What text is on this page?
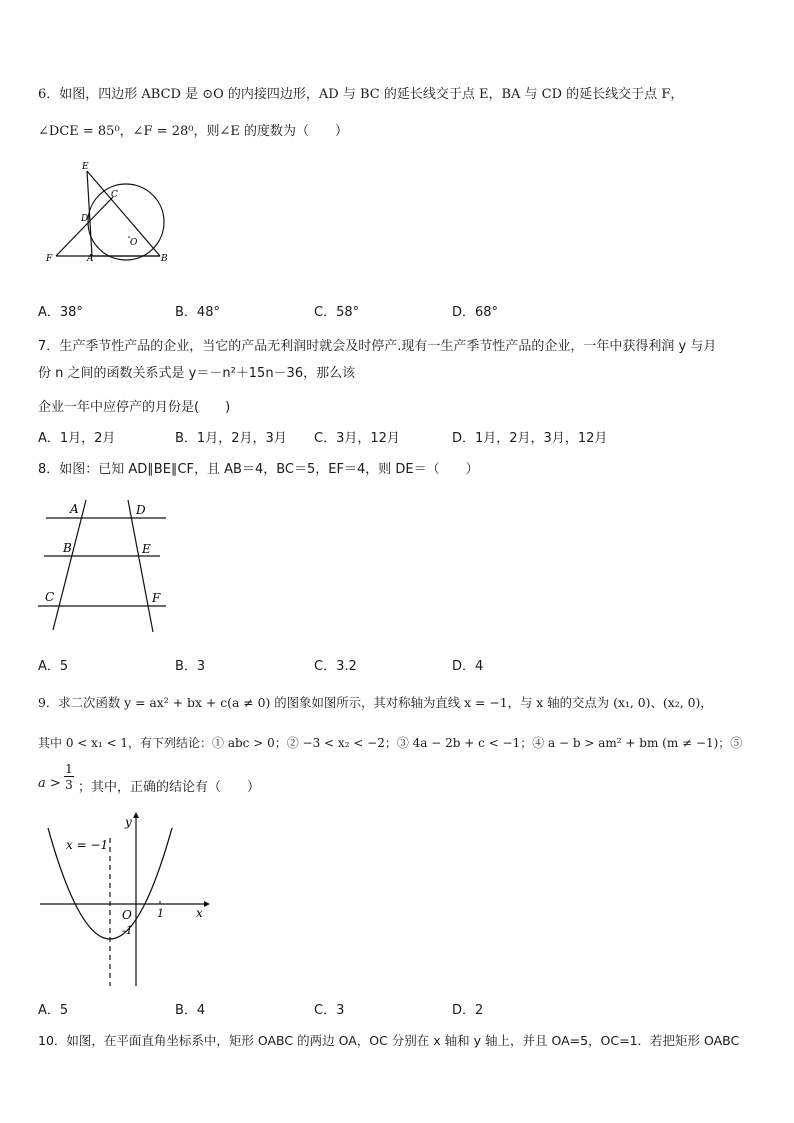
6．如图，四边形 ABCD 是 ⊙O 的内接四边形，AD 与 BC 的延长线交于点 E，BA 与 CD 的延长线交于点 F，
∠DCE = 85⁰，∠F = 28⁰，则∠E 的度数为（　　）
E
C
D
O
F	A	B
A．38°	B．48°	C．58°	D．68°
7．生产季节性产品的企业，当它的产品无利润时就会及时停产.现有一生产季节性产品的企业，一年中获得利润 y 与月
份 n 之间的函数关系式是 y＝－n²＋15n－36，那么该
企业一年中应停产的月份是(　　)
A．1月，2月	B．1月，2月，3月 C．3月，12月	D．1月，2月，3月，12月
8．如图：已知 AD∥BE∥CF，且 AB＝4，BC＝5，EF＝4，则 DE＝（　　）
A	D
B	E
C	F
A．5	B．3	C．3.2	D．4
9．求二次函数 y = ax² + bx + c(a ≠ 0) 的图象如图所示，其对称轴为直线 x = −1，与 x 轴的交点为 (x₁, 0)、(x₂, 0)，
其中 0 < x₁ < 1，有下列结论：① abc > 0；② −3 < x₂ < −2；③ 4a − 2b + c < −1；④ a − b > am² + bm (m ≠ −1)；⑤
a >
1
3 ；其中，正确的结论有（　　）
y
x
x = −1
O 1
-1
A．5	B．4	C．3	D．2
10．如图，在平面直角坐标系中，矩形 OABC 的两边 OA，OC 分别在 x 轴和 y 轴上，并且 OA=5，OC=1．若把矩形 OABC
